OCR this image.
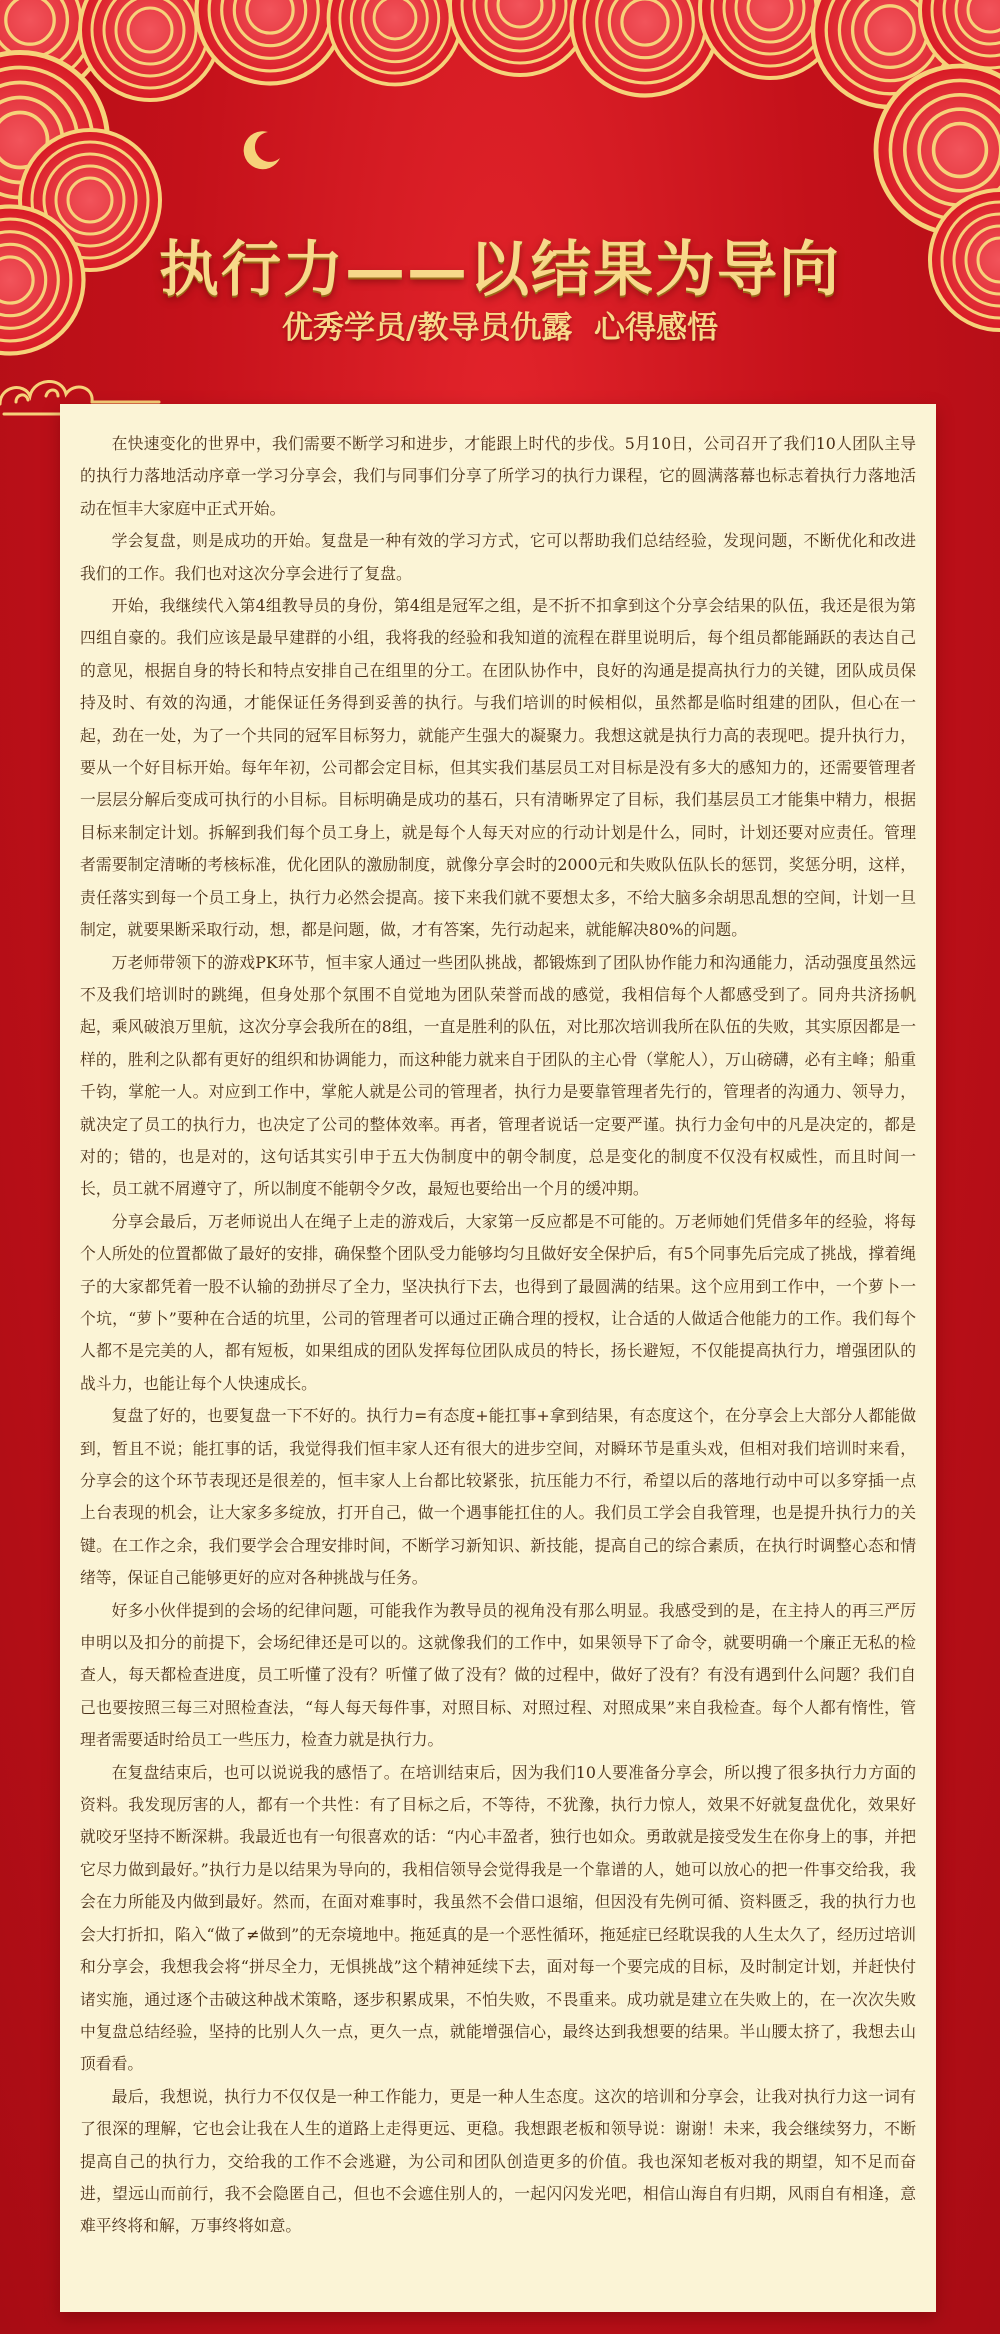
执行力——以结果为导向
优秀学员/教导员仇露  心得感悟

在快速变化的世界中，我们需要不断学习和进步，才能跟上时代的步伐。5月10日，公司召开了我们10人团队主导的执行力落地活动序章一学习分享会，我们与同事们分享了所学习的执行力课程，它的圆满落幕也标志着执行力落地活动在恒丰大家庭中正式开始。

学会复盘，则是成功的开始。复盘是一种有效的学习方式，它可以帮助我们总结经验，发现问题，不断优化和改进我们的工作。我们也对这次分享会进行了复盘。

开始，我继续代入第4组教导员的身份，第4组是冠军之组，是不折不扣拿到这个分享会结果的队伍，我还是很为第四组自豪的。我们应该是最早建群的小组，我将我的经验和我知道的流程在群里说明后，每个组员都能踊跃的表达自己的意见，根据自身的特长和特点安排自己在组里的分工。在团队协作中，良好的沟通是提高执行力的关键，团队成员保持及时、有效的沟通，才能保证任务得到妥善的执行。与我们培训的时候相似，虽然都是临时组建的团队，但心在一起，劲在一处，为了一个共同的冠军目标努力，就能产生强大的凝聚力。我想这就是执行力高的表现吧。提升执行力，要从一个好目标开始。每年年初，公司都会定目标，但其实我们基层员工对目标是没有多大的感知力的，还需要管理者一层层分解后变成可执行的小目标。目标明确是成功的基石，只有清晰界定了目标，我们基层员工才能集中精力，根据目标来制定计划。拆解到我们每个员工身上，就是每个人每天对应的行动计划是什么，同时，计划还要对应责任。管理者需要制定清晰的考核标准，优化团队的激励制度，就像分享会时的2000元和失败队伍队长的惩罚，奖惩分明，这样，责任落实到每一个员工身上，执行力必然会提高。接下来我们就不要想太多，不给大脑多余胡思乱想的空间，计划一旦制定，就要果断采取行动，想，都是问题，做，才有答案，先行动起来，就能解决80%的问题。

万老师带领下的游戏PK环节，恒丰家人通过一些团队挑战，都锻炼到了团队协作能力和沟通能力，活动强度虽然远不及我们培训时的跳绳，但身处那个氛围不自觉地为团队荣誉而战的感觉，我相信每个人都感受到了。同舟共济扬帆起，乘风破浪万里航，这次分享会我所在的8组，一直是胜利的队伍，对比那次培训我所在队伍的失败，其实原因都是一样的，胜利之队都有更好的组织和协调能力，而这种能力就来自于团队的主心骨（掌舵人），万山磅礴，必有主峰；船重千钧，掌舵一人。对应到工作中，掌舵人就是公司的管理者，执行力是要靠管理者先行的，管理者的沟通力、领导力，就决定了员工的执行力，也决定了公司的整体效率。再者，管理者说话一定要严谨。执行力金句中的凡是决定的，都是对的；错的，也是对的，这句话其实引申于五大伪制度中的朝令制度，总是变化的制度不仅没有权威性，而且时间一长，员工就不屑遵守了，所以制度不能朝令夕改，最短也要给出一个月的缓冲期。

分享会最后，万老师说出人在绳子上走的游戏后，大家第一反应都是不可能的。万老师她们凭借多年的经验，将每个人所处的位置都做了最好的安排，确保整个团队受力能够均匀且做好安全保护后，有5个同事先后完成了挑战，撑着绳子的大家都凭着一股不认输的劲拼尽了全力，坚决执行下去，也得到了最圆满的结果。这个应用到工作中，一个萝卜一个坑，“萝卜”要种在合适的坑里，公司的管理者可以通过正确合理的授权，让合适的人做适合他能力的工作。我们每个人都不是完美的人，都有短板，如果组成的团队发挥每位团队成员的特长，扬长避短，不仅能提高执行力，增强团队的战斗力，也能让每个人快速成长。

复盘了好的，也要复盘一下不好的。执行力=有态度+能扛事+拿到结果，有态度这个，在分享会上大部分人都能做到，暂且不说；能扛事的话，我觉得我们恒丰家人还有很大的进步空间，对瞬环节是重头戏，但相对我们培训时来看，分享会的这个环节表现还是很差的，恒丰家人上台都比较紧张，抗压能力不行，希望以后的落地行动中可以多穿插一点上台表现的机会，让大家多多绽放，打开自己，做一个遇事能扛住的人。我们员工学会自我管理，也是提升执行力的关键。在工作之余，我们要学会合理安排时间，不断学习新知识、新技能，提高自己的综合素质，在执行时调整心态和情绪等，保证自己能够更好的应对各种挑战与任务。

好多小伙伴提到的会场的纪律问题，可能我作为教导员的视角没有那么明显。我感受到的是，在主持人的再三严厉申明以及扣分的前提下，会场纪律还是可以的。这就像我们的工作中，如果领导下了命令，就要明确一个廉正无私的检查人，每天都检查进度，员工听懂了没有？听懂了做了没有？做的过程中，做好了没有？有没有遇到什么问题？我们自己也要按照三每三对照检查法，“每人每天每件事，对照目标、对照过程、对照成果”来自我检查。每个人都有惰性，管理者需要适时给员工一些压力，检查力就是执行力。

在复盘结束后，也可以说说我的感悟了。在培训结束后，因为我们10人要准备分享会，所以搜了很多执行力方面的资料。我发现厉害的人，都有一个共性：有了目标之后，不等待，不犹豫，执行力惊人，效果不好就复盘优化，效果好就咬牙坚持不断深耕。我最近也有一句很喜欢的话：“内心丰盈者，独行也如众。勇敢就是接受发生在你身上的事，并把它尽力做到最好。”执行力是以结果为导向的，我相信领导会觉得我是一个靠谱的人，她可以放心的把一件事交给我，我会在力所能及内做到最好。然而，在面对难事时，我虽然不会借口退缩，但因没有先例可循、资料匮乏，我的执行力也会大打折扣，陷入“做了≠做到”的无奈境地中。拖延真的是一个恶性循环，拖延症已经耽误我的人生太久了，经历过培训和分享会，我想我会将“拼尽全力，无惧挑战”这个精神延续下去，面对每一个要完成的目标，及时制定计划，并赶快付诸实施，通过逐个击破这种战术策略，逐步积累成果，不怕失败，不畏重来。成功就是建立在失败上的，在一次次失败中复盘总结经验，坚持的比别人久一点，更久一点，就能增强信心，最终达到我想要的结果。半山腰太挤了，我想去山顶看看。

最后，我想说，执行力不仅仅是一种工作能力，更是一种人生态度。这次的培训和分享会，让我对执行力这一词有了很深的理解，它也会让我在人生的道路上走得更远、更稳。我想跟老板和领导说：谢谢！未来，我会继续努力，不断提高自己的执行力，交给我的工作不会逃避，为公司和团队创造更多的价值。我也深知老板对我的期望，知不足而奋进，望远山而前行，我不会隐匿自己，但也不会遮住别人的，一起闪闪发光吧，相信山海自有归期，风雨自有相逢，意难平终将和解，万事终将如意。
